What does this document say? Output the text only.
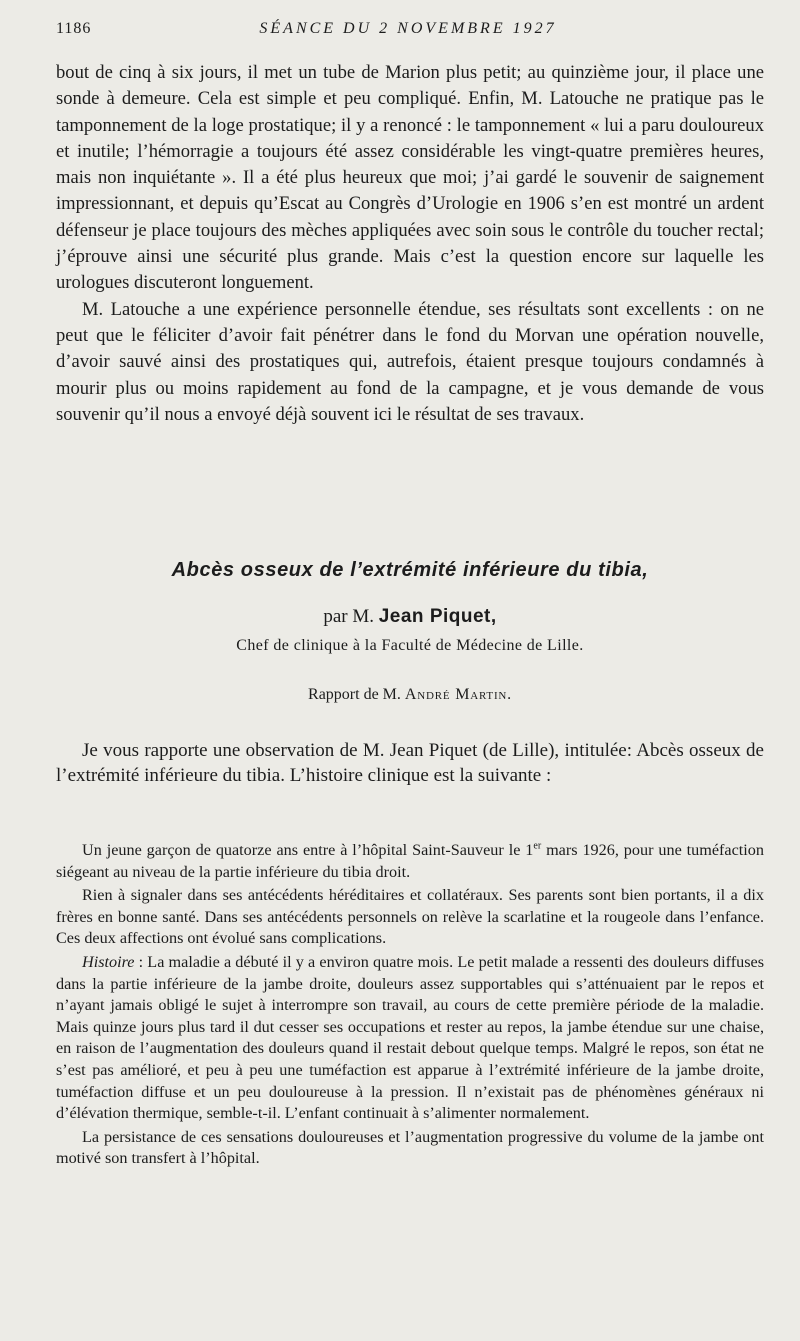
1186	SÉANCE DU 2 NOVEMBRE 1927

bout de cinq à six jours, il met un tube de Marion plus petit; au quinzième jour, il place une sonde à demeure. Cela est simple et peu compliqué. Enfin, M. Latouche ne pratique pas le tamponnement de la loge prostatique; il y a renoncé : le tamponnement « lui a paru douloureux et inutile; l’hémorragie a toujours été assez considérable les vingt-quatre premières heures, mais non inquiétante ». Il a été plus heureux que moi; j’ai gardé le souvenir de saignement impressionnant, et depuis qu’Escat au Congrès d’Urologie en 1906 s’en est montré un ardent défenseur je place toujours des mèches appliquées avec soin sous le contrôle du toucher rectal; j’éprouve ainsi une sécurité plus grande. Mais c’est la question encore sur laquelle les urologues discuteront longuement.

M. Latouche a une expérience personnelle étendue, ses résultats sont excellents : on ne peut que le féliciter d’avoir fait pénétrer dans le fond du Morvan une opération nouvelle, d’avoir sauvé ainsi des prostatiques qui, autrefois, étaient presque toujours condamnés à mourir plus ou moins rapidement au fond de la campagne, et je vous demande de vous souvenir qu’il nous a envoyé déjà souvent ici le résultat de ses travaux.

Abcès osseux de l’extrémité inférieure du tibia,
par M. Jean Piquet,
Chef de clinique à la Faculté de Médecine de Lille.
Rapport de M. André Martin.

Je vous rapporte une observation de M. Jean Piquet (de Lille), intitulée: Abcès osseux de l’extrémité inférieure du tibia. L’histoire clinique est la suivante :

Un jeune garçon de quatorze ans entre à l’hôpital Saint-Sauveur le 1er mars 1926, pour une tuméfaction siégeant au niveau de la partie inférieure du tibia droit.

Rien à signaler dans ses antécédents héréditaires et collatéraux. Ses parents sont bien portants, il a dix frères en bonne santé. Dans ses antécédents personnels on relève la scarlatine et la rougeole dans l’enfance. Ces deux affections ont évolué sans complications.

Histoire : La maladie a débuté il y a environ quatre mois. Le petit malade a ressenti des douleurs diffuses dans la partie inférieure de la jambe droite, douleurs assez supportables qui s’atténuaient par le repos et n’ayant jamais obligé le sujet à interrompre son travail, au cours de cette première période de la maladie. Mais quinze jours plus tard il dut cesser ses occupations et rester au repos, la jambe étendue sur une chaise, en raison de l’augmentation des douleurs quand il restait debout quelque temps. Malgré le repos, son état ne s’est pas amélioré, et peu à peu une tuméfaction est apparue à l’extrémité inférieure de la jambe droite, tuméfaction diffuse et un peu douloureuse à la pression. Il n’existait pas de phénomènes généraux ni d’élévation thermique, semble-t-il. L’enfant continuait à s’alimenter normalement.

La persistance de ces sensations douloureuses et l’augmentation progressive du volume de la jambe ont motivé son transfert à l’hôpital.
